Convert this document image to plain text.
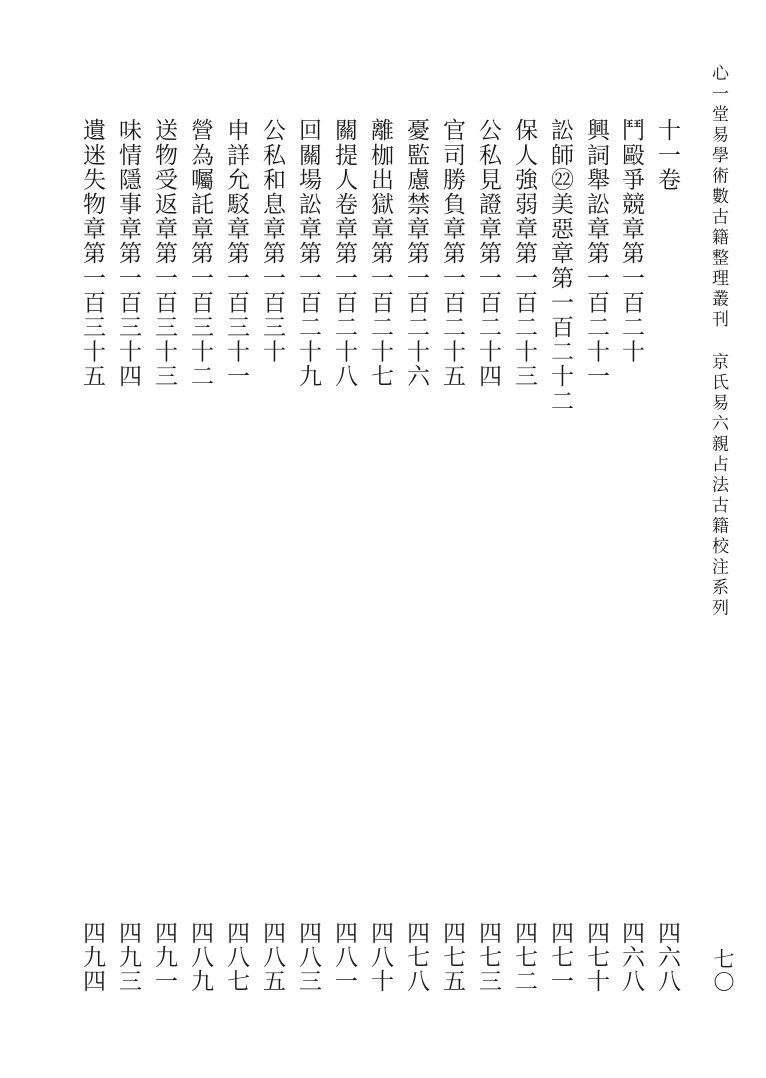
心一堂易學術數古籍整理叢刊京氏易六親占法古籍校注系列
七〇
十一卷
鬥毆爭競章第一百二十
興詞舉訟章第一百二十一
訟師㉒美惡章第一百二十二
保人強弱章第一百二十三
公私見證章第一百二十四
官司勝負章第一百二十五
憂監慮禁章第一百二十六
離枷出獄章第一百二十七
關提人卷章第一百二十八
回關場訟章第一百二十九
公私和息章第一百三十
申詳允駁章第一百三十一
營為囑託章第一百三十二
送物受返章第一百三十三
味情隱事章第一百三十四
遺迷失物章第一百三十五
四六八
四六八
四七十
四七一
四七二
四七三
四七五
四七八
四八十
四八一
四八三
四八五
四八七
四八九
四九一
四九三
四九四
